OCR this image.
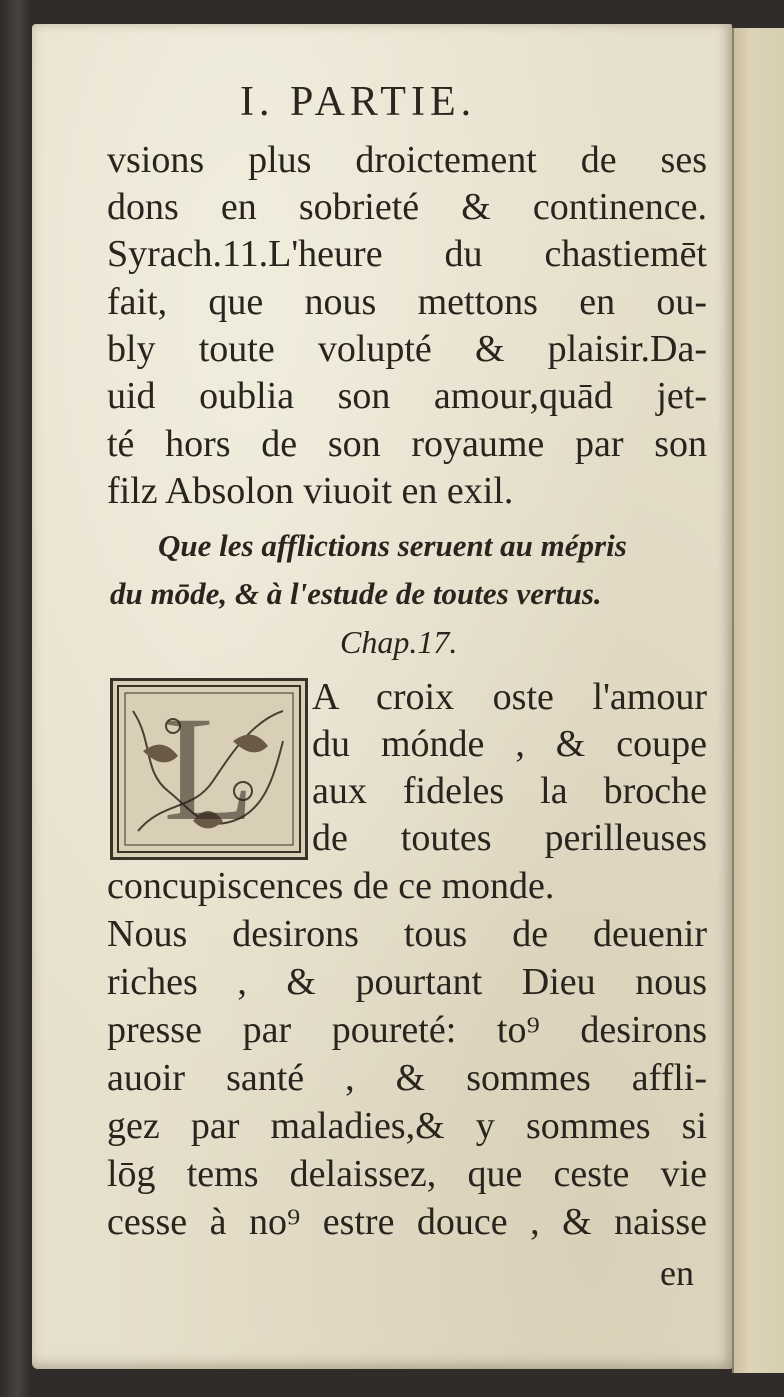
I. PARTIE.
vsions plus droictement de ses
dons en sobrieté & continence.
Syrach.11.L'heure du chastiemēt
fait, que nous mettons en ou-
bly toute volupté & plaisir.Da-
uid oublia son amour,quād jet-
té hors de son royaume par son
filz Absolon viuoit en exil.
Que les afflictions seruent au mépris
du mōde, & à l'estude de toutes vertus.
Chap.17.
L	A croix oste l'amour
du mónde , & coupe
aux fideles la broche
de toutes perilleuses
concupiscences de ce monde.
Nous desirons tous de deuenir
riches , & pourtant Dieu nous
presse par poureté: to⁹ desirons
auoir santé , & sommes affli-
gez par maladies,& y sommes si
lōg tems delaissez, que ceste vie
cesse à no⁹ estre douce , & naisse
en
